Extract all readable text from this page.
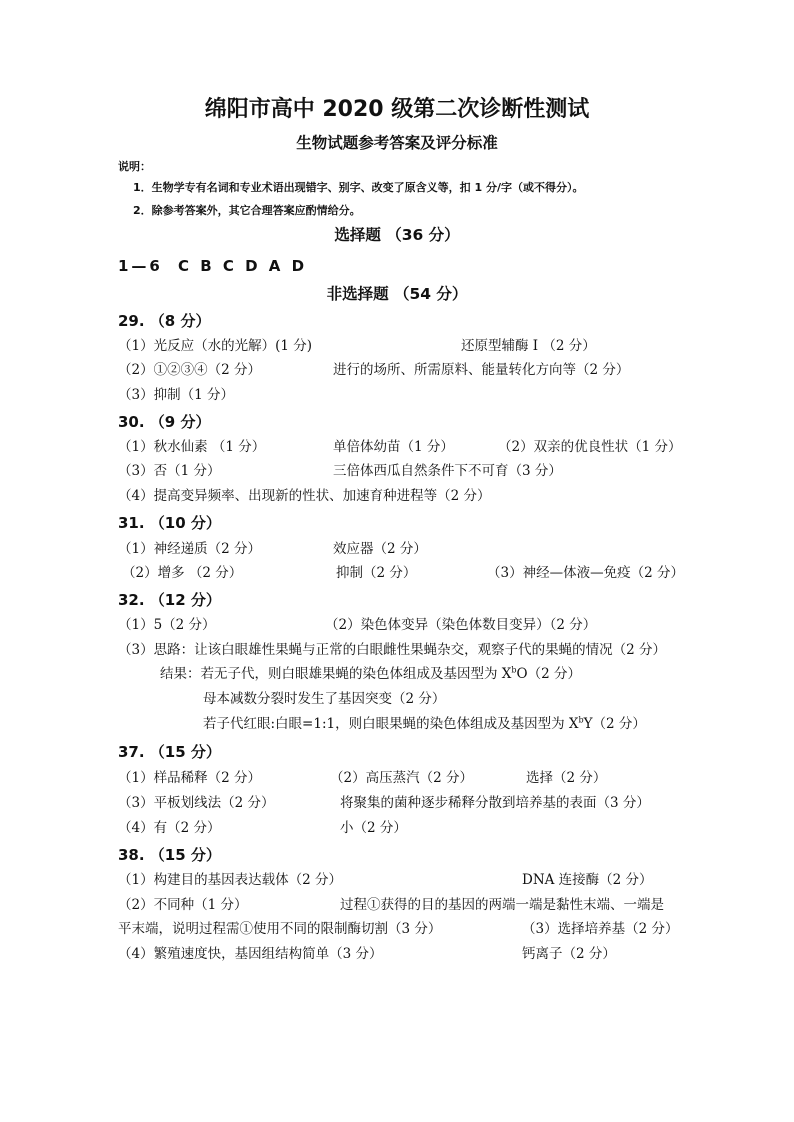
绵阳市高中 2020 级第二次诊断性测试
生物试题参考答案及评分标准
说明：
1．生物学专有名词和专业术语出现错字、别字、改变了原含义等，扣 1 分/字（或不得分）。
2．除参考答案外，其它合理答案应酌情给分。
选择题 （36 分）
1—6 C B C D A D
非选择题 （54 分）
29. （8 分）
（1）光反应（水的光解）(1 分)	还原型辅酶 I （2 分）
（2）①②③④（2 分）	进行的场所、所需原料、能量转化方向等（2 分）
（3）抑制（1 分）
30. （9 分）
（1）秋水仙素 （1 分）	单倍体幼苗（1 分）	（2）双亲的优良性状（1 分）
（3）否（1 分）	三倍体西瓜自然条件下不可育（3 分）
（4）提高变异频率、出现新的性状、加速育种进程等（2 分）
31. （10 分）
（1）神经递质（2 分）	效应器（2 分）
（2）增多 （2 分）	抑制（2 分）	（3）神经—体液—免疫（2 分）
32. （12 分）
（1）5（2 分）	（2）染色体变异（染色体数目变异）（2 分）
（3）思路：让该白眼雄性果蝇与正常的白眼雌性果蝇杂交，观察子代的果蝇的情况（2 分）
结果：若无子代，则白眼雄果蝇的染色体组成及基因型为 $X^bO(2$ 分）
母本减数分裂时发生了基因突变（2 分）
若子代红眼:白眼=1:1，则白眼果蝇的染色体组成及基因型为 $X^bY(2$ 分）
37. （15 分）
（1）样品稀释（2 分）	（2）高压蒸汽（2 分）	选择（2 分）
（3）平板划线法（2 分）	将聚集的菌种逐步稀释分散到培养基的表面（3 分）
（4）有（2 分）	小（2 分）
38. （15 分）
（1）构建目的基因表达载体（2 分）	DNA 连接酶（2 分）
（2）不同种（1 分）	过程①获得的目的基因的两端一端是黏性末端、一端是
平末端，说明过程需①使用不同的限制酶切割（3 分）	（3）选择培养基（2 分）
（4）繁殖速度快，基因组结构简单（3 分）	钙离子（2 分）
